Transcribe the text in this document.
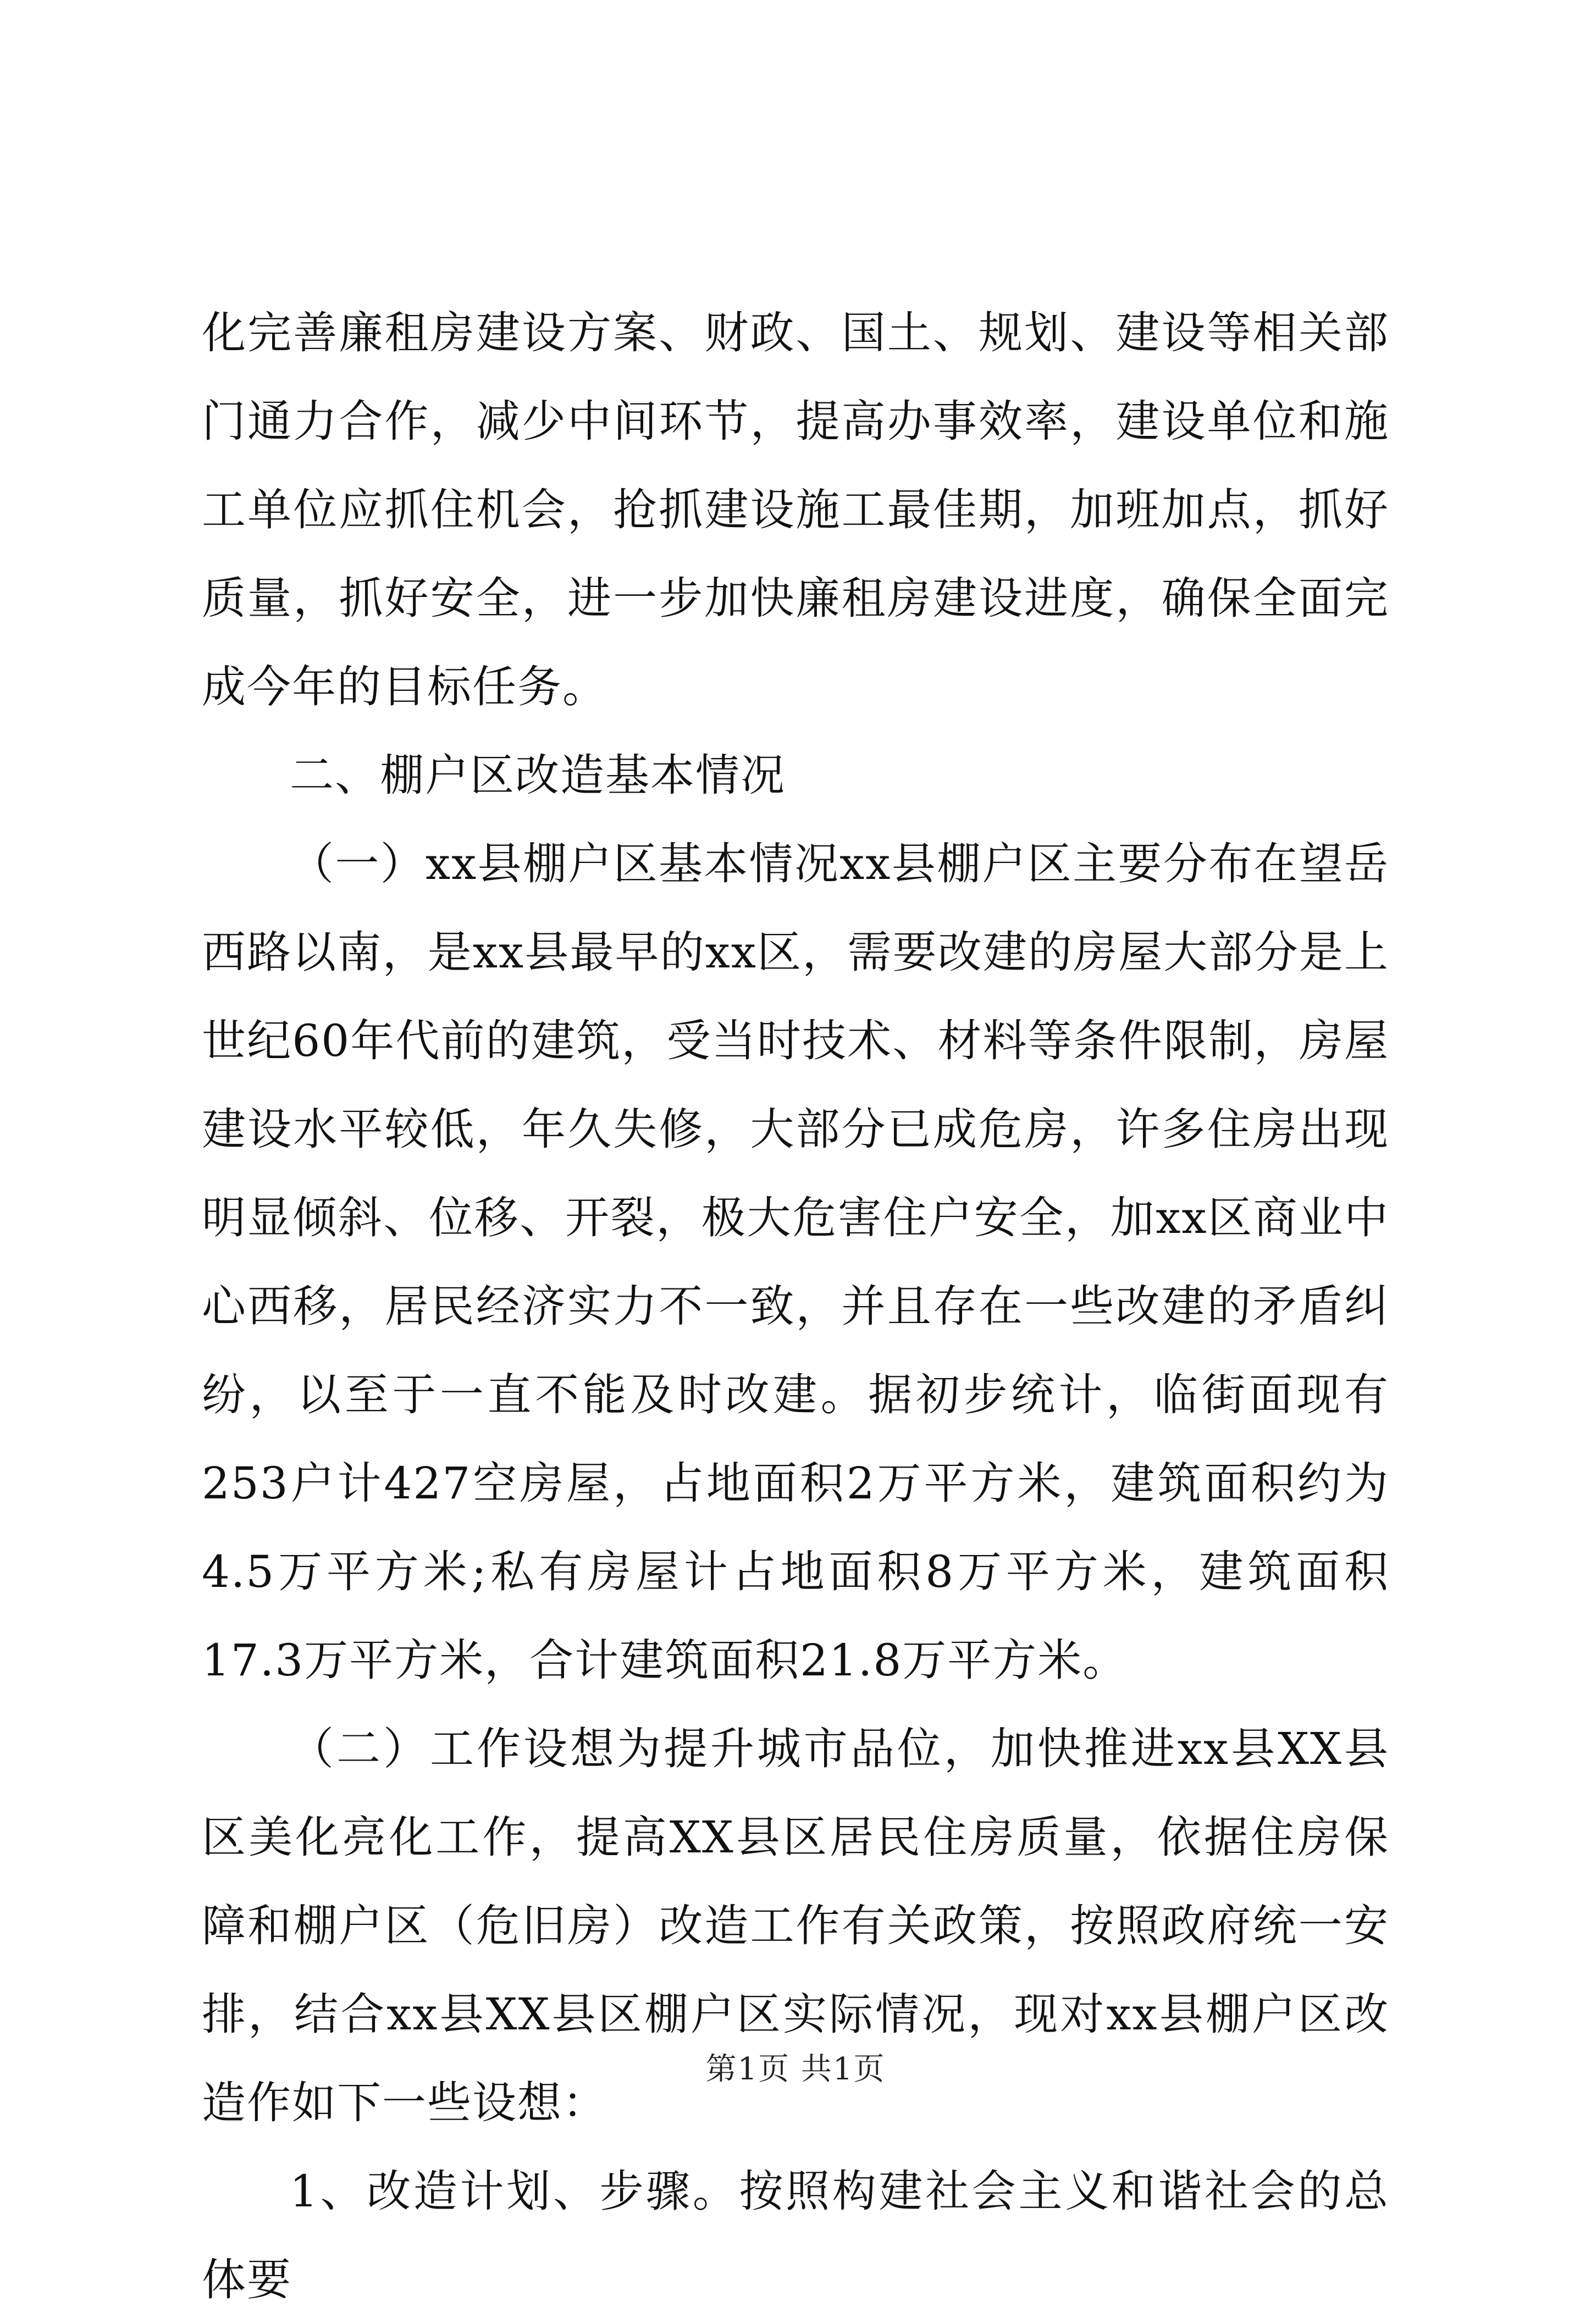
化完善廉租房建设方案、财政、国土、规划、建设等相关部门通力合作，减少中间环节，提高办事效率，建设单位和施工单位应抓住机会，抢抓建设施工最佳期，加班加点，抓好质量，抓好安全，进一步加快廉租房建设进度，确保全面完成今年的目标任务。

二、棚户区改造基本情况

（一）xx县棚户区基本情况xx县棚户区主要分布在望岳西路以南，是xx县最早的xx区，需要改建的房屋大部分是上世纪60年代前的建筑，受当时技术、材料等条件限制，房屋建设水平较低，年久失修，大部分已成危房，许多住房出现明显倾斜、位移、开裂，极大危害住户安全，加xx区商业中心西移，居民经济实力不一致，并且存在一些改建的矛盾纠纷，以至于一直不能及时改建。据初步统计，临街面现有253户计427空房屋，占地面积2万平方米，建筑面积约为4.5万平方米;私有房屋计占地面积8万平方米，建筑面积17.3万平方米，合计建筑面积21.8万平方米。

（二）工作设想为提升城市品位，加快推进xx县XX县区美化亮化工作，提高XX县区居民住房质量，依据住房保障和棚户区（危旧房）改造工作有关政策，按照政府统一安排，结合xx县XX县区棚户区实际情况，现对xx县棚户区改造作如下一些设想：

1、改造计划、步骤。按照构建社会主义和谐社会的总体要

第1页 共1页
